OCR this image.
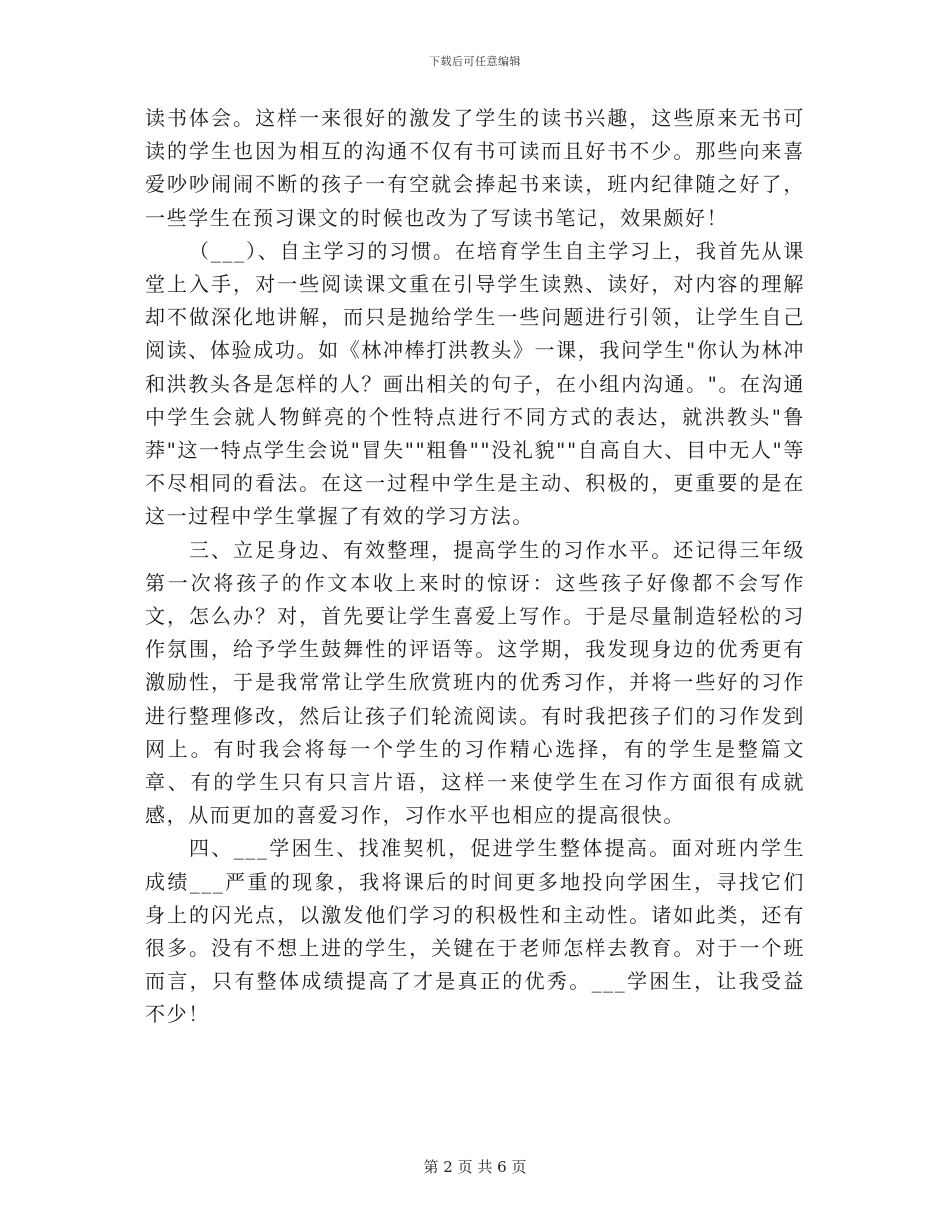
下载后可任意编辑

读书体会。这样一来很好的激发了学生的读书兴趣，这些原来无书可读的学生也因为相互的沟通不仅有书可读而且好书不少。那些向来喜爱吵吵闹闹不断的孩子一有空就会捧起书来读，班内纪律随之好了，一些学生在预习课文的时候也改为了写读书笔记，效果颇好！

（___）、自主学习的习惯。在培育学生自主学习上，我首先从课堂上入手，对一些阅读课文重在引导学生读熟、读好，对内容的理解却不做深化地讲解，而只是抛给学生一些问题进行引领，让学生自己阅读、体验成功。如《林冲棒打洪教头》一课，我问学生"你认为林冲和洪教头各是怎样的人？画出相关的句子，在小组内沟通。"。在沟通中学生会就人物鲜亮的个性特点进行不同方式的表达，就洪教头"鲁莽"这一特点学生会说"冒失""粗鲁""没礼貌""自高自大、目中无人"等不尽相同的看法。在这一过程中学生是主动、积极的，更重要的是在这一过程中学生掌握了有效的学习方法。

三、立足身边、有效整理，提高学生的习作水平。还记得三年级第一次将孩子的作文本收上来时的惊讶：这些孩子好像都不会写作文，怎么办？对，首先要让学生喜爱上写作。于是尽量制造轻松的习作氛围，给予学生鼓舞性的评语等。这学期，我发现身边的优秀更有激励性，于是我常常让学生欣赏班内的优秀习作，并将一些好的习作进行整理修改，然后让孩子们轮流阅读。有时我把孩子们的习作发到网上。有时我会将每一个学生的习作精心选择，有的学生是整篇文章、有的学生只有只言片语，这样一来使学生在习作方面很有成就感，从而更加的喜爱习作，习作水平也相应的提高很快。

四、___学困生、找准契机，促进学生整体提高。面对班内学生成绩___严重的现象，我将课后的时间更多地投向学困生，寻找它们身上的闪光点，以激发他们学习的积极性和主动性。诸如此类，还有很多。没有不想上进的学生，关键在于老师怎样去教育。对于一个班而言，只有整体成绩提高了才是真正的优秀。___学困生，让我受益不少！

第 2 页 共 6 页
